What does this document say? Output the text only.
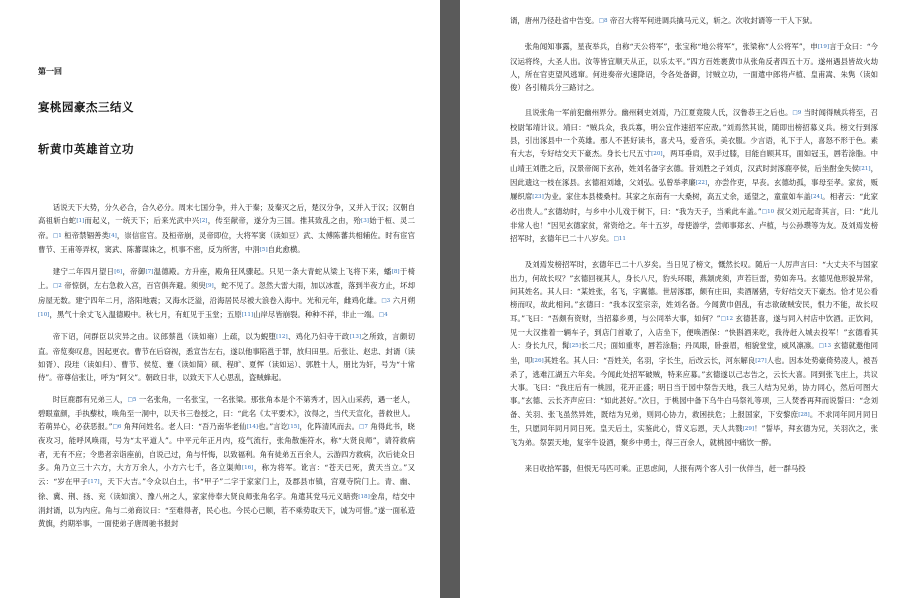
第一回

宴桃园豪杰三结义
斩黄巾英雄首立功

话说天下大势，分久必合，合久必分。周末七国分争，并入于秦；及秦灭之后，楚汉分争，又并入于汉；汉朝自高祖斩白蛇[1]而起义，一统天下；后来光武中兴[2]，传至献帝，遂分为三国。推其致乱之由，殆[3]始于桓、灵二帝。□1 桓帝禁锢善类[4]，崇信宦官。及桓帝崩，灵帝即位，大将军窦（读如豆）武、太傅陈蕃共相辅佐。时有宦官曹节、王甫等弄权，窦武、陈蕃谋诛之，机事不密，反为所害，中涓[5]自此愈横。

建宁二年四月望日[6]，帝御[7]温德殿。方升座，殿角狂风骤起。只见一条大青蛇从梁上飞将下来，蟠[8]于椅上。□2 帝惊倒，左右急救入宫，百官俱奔避。须臾[9]，蛇不见了。忽然大雷大雨，加以冰雹，落到半夜方止，坏却房屋无数。建宁四年二月，洛阳地震；又海水泛溢，沿海居民尽被大浪卷入海中。光和元年，雌鸡化雄。□3 六月朔[10]，黑气十余丈飞入温德殿中。秋七月，有虹见于玉堂；五原[11]山岸尽皆崩裂。种种不祥，非止一端。□4

帝下诏，问群臣以灾异之由。议郎蔡邕（读如雍）上疏，以为蜺堕[12]、鸡化乃妇寺干政[13]之所致，言颇切直。帝览奏叹息，因起更衣。曹节在后窃视，悉宣告左右，遂以他事陷邕于罪，放归田里。后张让、赵忠、封谞（读如胥）、段珪（读如归）、曹节、侯览、蹇（读如简）硕、程旷、夏恽（读如运）、郭胜十人，朋比为奸，号为“十常侍”。帝尊信张让，呼为“阿父”。朝政日非，以致天下人心思乱，盗贼蜂起。

时巨鹿郡有兄弟三人，□5 一名张角，一名张宝，一名张梁。那张角本是个不第秀才，因入山采药，遇一老人，碧眼童颜，手执藜杖，唤角至一洞中，以天书三卷授之，曰：“此名《太平要术》，汝得之，当代天宣化，普救世人。若萌异心，必获恶报。”□6 角拜问姓名。老人曰：“吾乃南华老仙[14]也。”言讫[15]，化阵清风而去。□7 角得此书，晓夜攻习，能呼风唤雨，号为“太平道人”。中平元年正月内，疫气流行，张角散施符水，称“大贤良师”，请符救病者，无有不应；令患者亲诣座前，自说己过，角与忏悔，以致福利。角有徒弟五百余人，云游四方救病，次后徒众日多。角乃立三十六方，大方万余人，小方六七千，各立渠帅[16]，称为将军。讹言：“苍天已死，黄天当立。”又云：“岁在甲子[17]，天下大吉。”令众以白土，书“甲子”二字于家家门上，及郡县市镇，宫观寺院门上。青、幽、徐、冀、荆、扬、兖（读如演）、豫八州之人，家家侍奉大贤良师张角名字。角遣其党马元义暗赍[18]金帛，结交中涓封谞，以为内应。角与二弟商议曰：“至难得者，民心也。今民心已顺，若不乘势取天下，诚为可惜。”遂一面私造黄旗，约期举事，一面使弟子唐周驰书报封

谞，唐州乃径赴省中告变。□8 帝召大将军何进调兵擒马元义，斩之。次收封谞等一干人下狱。

张角闻知事露，星夜举兵，自称“天公将军”，张宝称“地公将军”，张梁称“人公将军”，申[19]言于众曰：“今汉运将终，大圣人出。汝等皆宜顺天从正，以乐太平。”四方百姓裹黄巾从张角反者四五十万。遂州遇县皆故火劫人，所在官吏望风逃窜。何进奏帝火速降诏，令各处备御，讨贼立功，一面遣中郎将卢植、皇甫嵩、朱隽（读如俊）各引精兵分三路讨之。

且说张角一军前犯幽州界分。幽州刺史刘焉，乃江夏竟陵人氏，汉鲁恭王之后也。□9 当时闻得贼兵将至，召校尉邹靖计议。靖曰：“贼兵众，我兵寡，明公宜作速招军应敌。”刘焉然其说，随即出榜招募义兵。榜文行到涿县，引出涿县中一个英雄。那人不甚好读书，喜犬马，爱音乐，美衣服。少言语，礼下于人，喜怒不形于色。素有大志，专好结交天下豪杰。身长七尺五寸[20]，两耳垂肩，双手过膝，目能自顾其耳，面如冠玉，唇若涂脂。中山靖王刘胜之后，汉景帝阁下玄孙，姓刘名备字玄德。昔刘胜之子刘贞，汉武时封涿鹿亭侯，后坐酎金失侯[21]，因此遗这一枝在涿县。玄德祖刘雄，父刘弘。弘曾举孝廉[22]，亦尝作吏，早丧。玄德幼孤，事母至孝。家贫，贩屦织席[23]为业。家住本县楼桑村。其家之东南有一大桑树，高五丈余，遥望之，童童如车盖[24]。相者云：“此家必出贵人。”玄德幼时，与乡中小儿戏于树下，曰：“我为天子，当乘此车盖。”□10 叔父刘元起奇其言，曰：“此儿非常人也！”因见玄德家贫，常资给之。年十五岁，母使游学，尝师事郑玄、卢植，与公孙瓒等为友。及刘焉发榜招军时，玄德年已二十八岁矣。□11

及刘焉发榜招军时，玄德年已二十八岁矣。当日见了榜文，慨然长叹。随后一人厉声言曰：“大丈夫不与国家出力，何故长叹？”玄德回视其人，身长八尺，豹头环眼，燕颔虎须，声若巨雷，势如奔马。玄德见他形貌异常，问其姓名。其人曰：“某姓张，名飞，字翼德。世居涿郡，颇有庄田，卖酒屠猪，专好结交天下豪杰。恰才见公看榜而叹，故此相问。”玄德曰：“我本汉室宗亲，姓刘名备。今闻黄巾倡乱，有志欲破贼安民，恨力不能，故长叹耳。”飞曰：“吾颇有资财，当招募乡勇，与公同举大事，如何？”□12 玄德甚喜，遂与同入村店中饮酒。正饮间，见一大汉推着一辆车子，到店门首歇了，入店坐下，便唤酒保：“快斟酒来吃，我待赶入城去投军！”玄德看其人：身长九尺，髯[25]长二尺；面如重枣，唇若涂脂；丹凤眼，卧蚕眉，相貌堂堂，威风凛凛。□13 玄德就邀他同坐，叩[26]其姓名。其人曰：“吾姓关，名羽，字长生，后改云长，河东解良[27]人也。因本处势豪倚势凌人，被吾杀了，逃难江湖五六年矣。今闻此处招军破贼，特来应募。”玄德遂以己志告之，云长大喜。同到张飞庄上，共议大事。飞曰：“我庄后有一桃园，花开正盛；明日当于园中祭告天地，我三人结为兄弟，协力同心，然后可图大事。”玄德、云长齐声应曰：“如此甚好。”次日，于桃园中备下乌牛白马祭礼等项，三人焚香再拜而说誓曰：“念刘备、关羽、张飞虽然异姓，既结为兄弟，则同心协力，救困扶危；上报国家，下安黎庶[28]。不求同年同月同日生，只愿同年同月同日死。皇天后土，实鉴此心，背义忘恩，天人共戮[29]！”誓毕，拜玄德为兄，关羽次之，张飞为弟。祭罢天地，复宰牛设酒，聚乡中勇士，得三百余人，就桃园中痛饮一醉。

来日收拾军器，但恨无马匹可乘。正思虑间，人报有两个客人引一伙伴当，赶一群马投
